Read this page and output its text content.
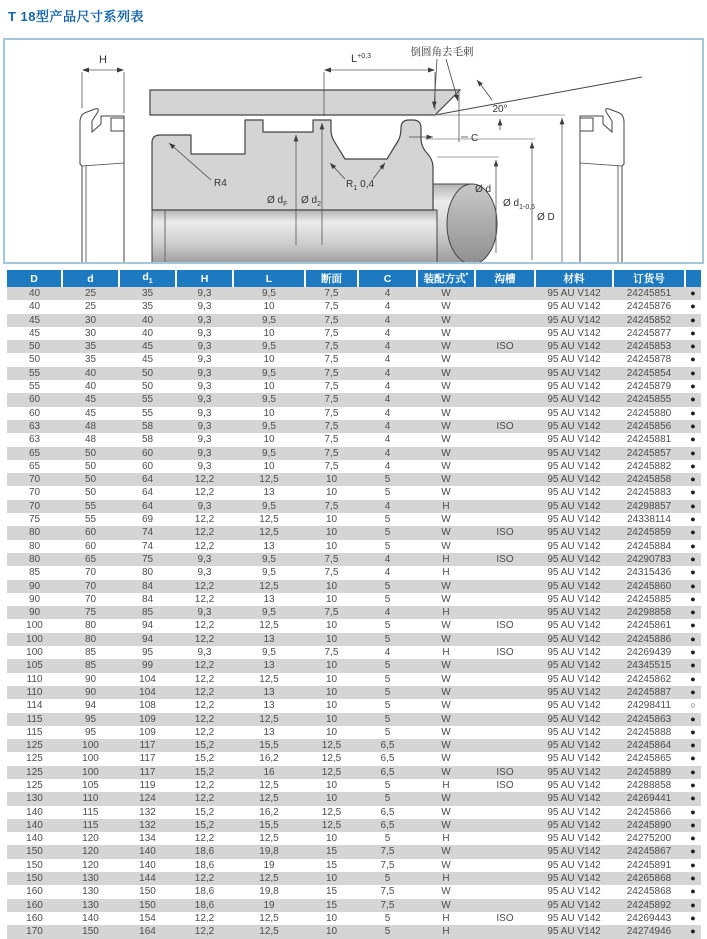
T 18型产品尺寸系列表
H	$L^{+0,3}$	倒圆角去毛刺
20°
C
R4	$R_1$ 0,4
Ø $d_F$ Ø $d_2$
Ø d
Ø $d_{1-0,5}$
Ø D
D	d	$d_1$	H	L	断面	C	装配方式*	沟槽	材料	订货号	
40	25	35	9,3	9,5	7,5	4	W		95 AU V142	24245851	●
40	25	35	9,3	10	7,5	4	W		95 AU V142	24245876	●
45	30	40	9,3	9,5	7,5	4	W		95 AU V142	24245852	●
45	30	40	9,3	10	7,5	4	W		95 AU V142	24245877	●
50	35	45	9,3	9,5	7,5	4	W	ISO	95 AU V142	24245853	●
50	35	45	9,3	10	7,5	4	W		95 AU V142	24245878	●
55	40	50	9,3	9,5	7,5	4	W		95 AU V142	24245854	●
55	40	50	9,3	10	7,5	4	W		95 AU V142	24245879	●
60	45	55	9,3	9,5	7,5	4	W		95 AU V142	24245855	●
60	45	55	9,3	10	7,5	4	W		95 AU V142	24245880	●
63	48	58	9,3	9,5	7,5	4	W	ISO	95 AU V142	24245856	●
63	48	58	9,3	10	7,5	4	W		95 AU V142	24245881	●
65	50	60	9,3	9,5	7,5	4	W		95 AU V142	24245857	●
65	50	60	9,3	10	7,5	4	W		95 AU V142	24245882	●
70	50	64	12,2	12,5	10	5	W		95 AU V142	24245858	●
70	50	64	12,2	13	10	5	W		95 AU V142	24245883	●
70	55	64	9,3	9,5	7,5	4	H		95 AU V142	24298857	●
75	55	69	12,2	12,5	10	5	W		95 AU V142	24338114	●
80	60	74	12,2	12,5	10	5	W	ISO	95 AU V142	24245859	●
80	60	74	12,2	13	10	5	W		95 AU V142	24245884	●
80	65	75	9,3	9,5	7,5	4	H	ISO	95 AU V142	24290783	●
85	70	80	9,3	9,5	7,5	4	H		95 AU V142	24315436	●
90	70	84	12,2	12,5	10	5	W		95 AU V142	24245860	●
90	70	84	12,2	13	10	5	W		95 AU V142	24245885	●
90	75	85	9,3	9,5	7,5	4	H		95 AU V142	24298858	●
100	80	94	12,2	12,5	10	5	W	ISO	95 AU V142	24245861	●
100	80	94	12,2	13	10	5	W		95 AU V142	24245886	●
100	85	95	9,3	9,5	7,5	4	H	ISO	95 AU V142	24269439	●
105	85	99	12,2	13	10	5	W		95 AU V142	24345515	●
110	90	104	12,2	12,5	10	5	W		95 AU V142	24245862	●
110	90	104	12,2	13	10	5	W		95 AU V142	24245887	●
114	94	108	12,2	13	10	5	W		95 AU V142	24298411	○
115	95	109	12,2	12,5	10	5	W		95 AU V142	24245863	●
115	95	109	12,2	13	10	5	W		95 AU V142	24245888	●
125	100	117	15,2	15,5	12,5	6,5	W		95 AU V142	24245864	●
125	100	117	15,2	16,2	12,5	6,5	W		95 AU V142	24245865	●
125	100	117	15,2	16	12,5	6,5	W	ISO	95 AU V142	24245889	●
125	105	119	12,2	12,5	10	5	H	ISO	95 AU V142	24288858	●
130	110	124	12,2	12,5	10	5	W		95 AU V142	24269441	●
140	115	132	15,2	16,2	12,5	6,5	W		95 AU V142	24245866	●
140	115	132	15,2	15,5	12,5	6,5	W		95 AU V142	24245890	●
140	120	134	12,2	12,5	10	5	H		95 AU V142	24275200	●
150	120	140	18,6	19,8	15	7,5	W		95 AU V142	24245867	●
150	120	140	18,6	19	15	7,5	W		95 AU V142	24245891	●
150	130	144	12,2	12,5	10	5	H		95 AU V142	24265868	●
160	130	150	18,6	19,8	15	7,5	W		95 AU V142	24245868	●
160	130	150	18,6	19	15	7,5	W		95 AU V142	24245892	●
160	140	154	12,2	12,5	10	5	H	ISO	95 AU V142	24269443	●
170	150	164	12,2	12,5	10	5	H		95 AU V142	24274946	●
